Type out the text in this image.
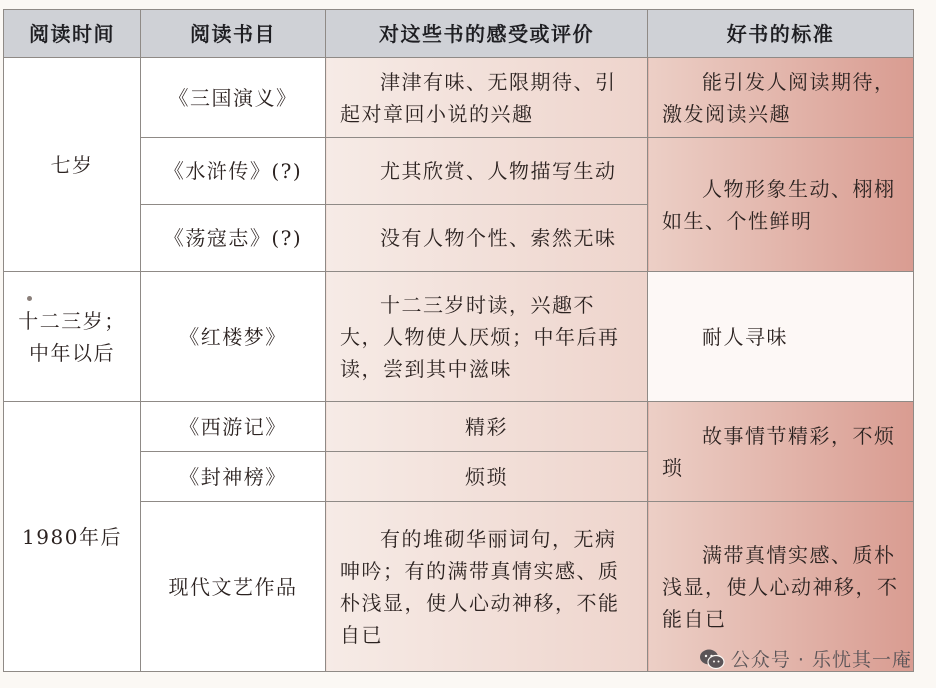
阅读时间	阅读书目	对这些书的感受或评价	好书的标准
七岁	《三国演义》	津津有味、无限期待、引起对章回小说的兴趣	能引发人阅读期待，激发阅读兴趣

	《水浒传》(?)	尤其欣赏、人物描写生动	人物形象生动、栩栩如生、个性鲜明

	《荡寇志》(?)	没有人物个性、索然无味	

十二三岁；中年以后	《红楼梦》	十二三岁时读，兴趣不大，人物使人厌烦；中年后再读，尝到其中滋味	耐人寻味

1980年后	《西游记》	精彩	故事情节精彩，不烦琐

	《封神榜》	烦琐	
	现代文艺作品	有的堆砌华丽词句，无病呻吟；有的满带真情实感、质朴浅显，使人心动神移，不能自已	满带真情实感、质朴浅显，使人心动神移，不能自已
公众号 · 乐忧其一庵
